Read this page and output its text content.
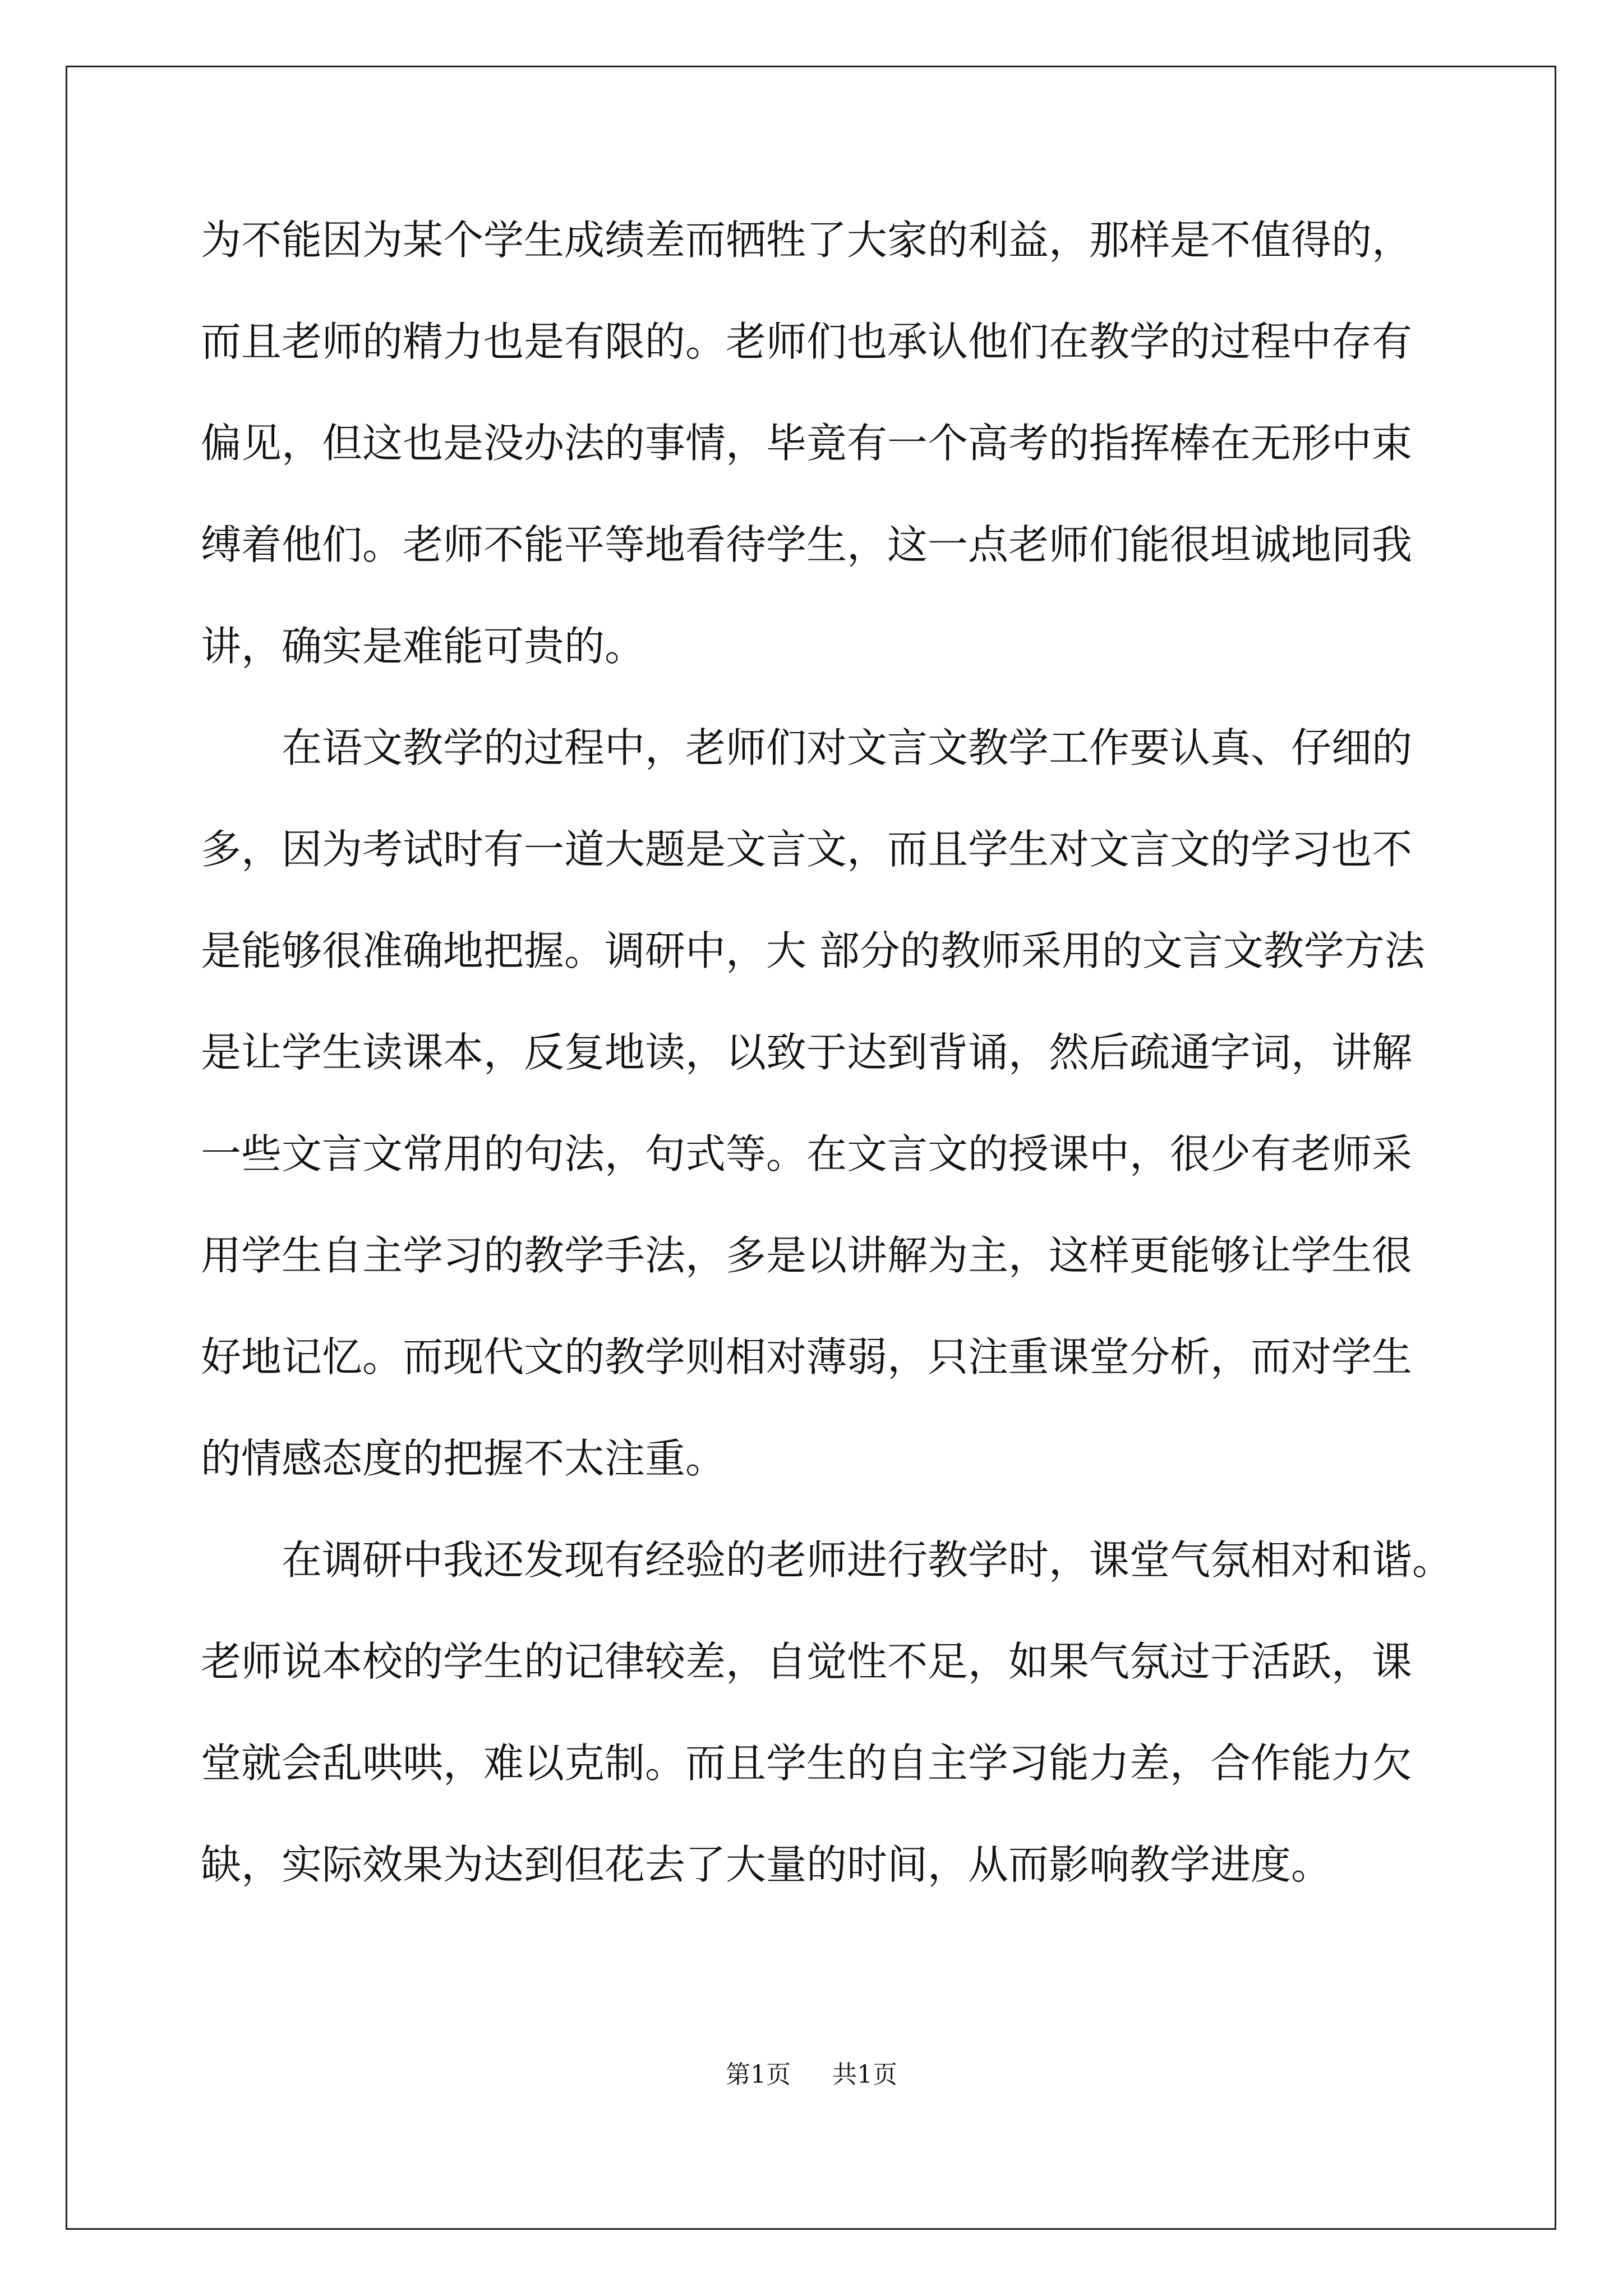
为不能因为某个学生成绩差而牺牲了大家的利益，那样是不值得的，
而且老师的精力也是有限的。老师们也承认他们在教学的过程中存有
偏见，但这也是没办法的事情，毕竟有一个高考的指挥棒在无形中束
缚着他们。老师不能平等地看待学生，这一点老师们能很坦诚地同我
讲，确实是难能可贵的。
　　在语文教学的过程中，老师们对文言文教学工作要认真、仔细的
多，因为考试时有一道大题是文言文，而且学生对文言文的学习也不
是能够很准确地把握。调研中，大 部分的教师采用的文言文教学方法
是让学生读课本，反复地读，以致于达到背诵，然后疏通字词，讲解
一些文言文常用的句法，句式等。在文言文的授课中，很少有老师采
用学生自主学习的教学手法，多是以讲解为主，这样更能够让学生很
好地记忆。而现代文的教学则相对薄弱，只注重课堂分析，而对学生
的情感态度的把握不太注重。
　　在调研中我还发现有经验的老师进行教学时，课堂气氛相对和谐。
老师说本校的学生的记律较差，自觉性不足，如果气氛过于活跃，课
堂就会乱哄哄，难以克制。而且学生的自主学习能力差，合作能力欠
缺，实际效果为达到但花去了大量的时间，从而影响教学进度。
第1页 共1页
